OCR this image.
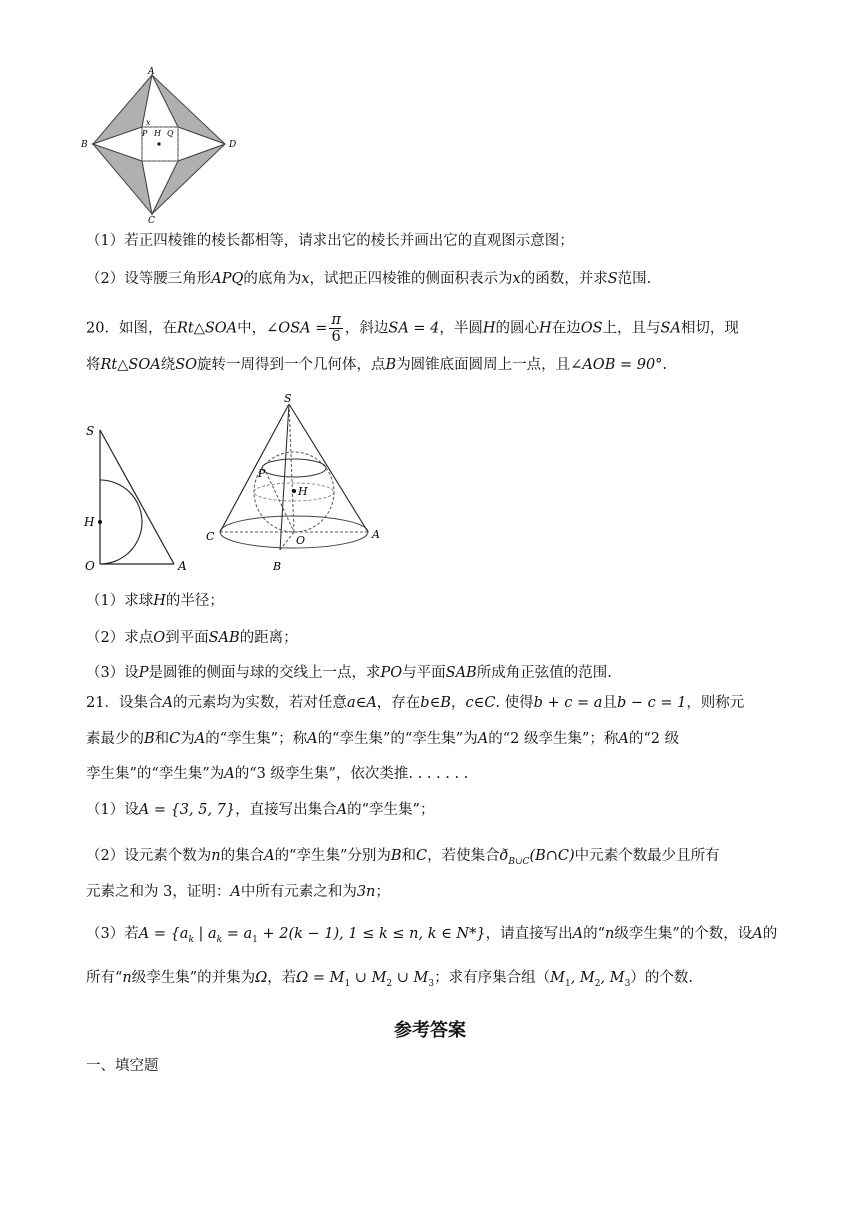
A
B
C
D
P H Q
x
（1）若正四棱锥的棱长都相等，请求出它的棱长并画出它的直观图示意图；
（2）设等腰三角形APQ的底角为x，试把正四棱锥的侧面积表示为x的函数，并求S范围.
20．如图，在Rt△SOA中，∠OSA = $\frac{\pi}{6}$ ，斜边SA = 4，半圆H的圆心H在边OS上，且与SA相切，现
将Rt△SOA绕SO旋转一周得到一个几何体，点B为圆锥底面圆周上一点，且∠AOB = 90°.
S
H
O	A
S
P
H
C	O	A
B
（1）求球H的半径；
（2）求点O到平面SAB的距离；
（3）设P是圆锥的侧面与球的交线上一点，求PO与平面SAB所成角正弦值的范围.
21．设集合A的元素均为实数，若对任意a∈A，存在b∈B，c∈C. 使得b + c = a且b − c = 1，则称元
素最少的B和C为A的“孪生集”；称A的“孪生集”的“孪生集”为A的“2 级孪生集”；称A的“2 级
孪生集”的“孪生集”为A的“3 级孪生集”，依次类推. . . . . . .
（1）设A = {3, 5, 7}，直接写出集合A的“孪生集”；
（2）设元素个数为n的集合A的“孪生集”分别为B和C，若使集合$ð_{B\cup C}(B\cap C)$中元素个数最少且所有
元素之和为 3，证明：A中所有元素之和为3n；
（3）若$A = \{a_k$ | $a_k = a_1 + 2(k - 1)$, 1 ≤ k ≤ n, k ∈ N*}，请直接写出A的“n级孪生集”的个数，设A的
所有“n级孪生集”的并集为Ω，若$\Omega = M_1$ ∪ $M_2$ ∪ $M_3$；求有序集合组（$M_1$, $M_2$, $M_3$）的个数.
参考答案
一、填空题
